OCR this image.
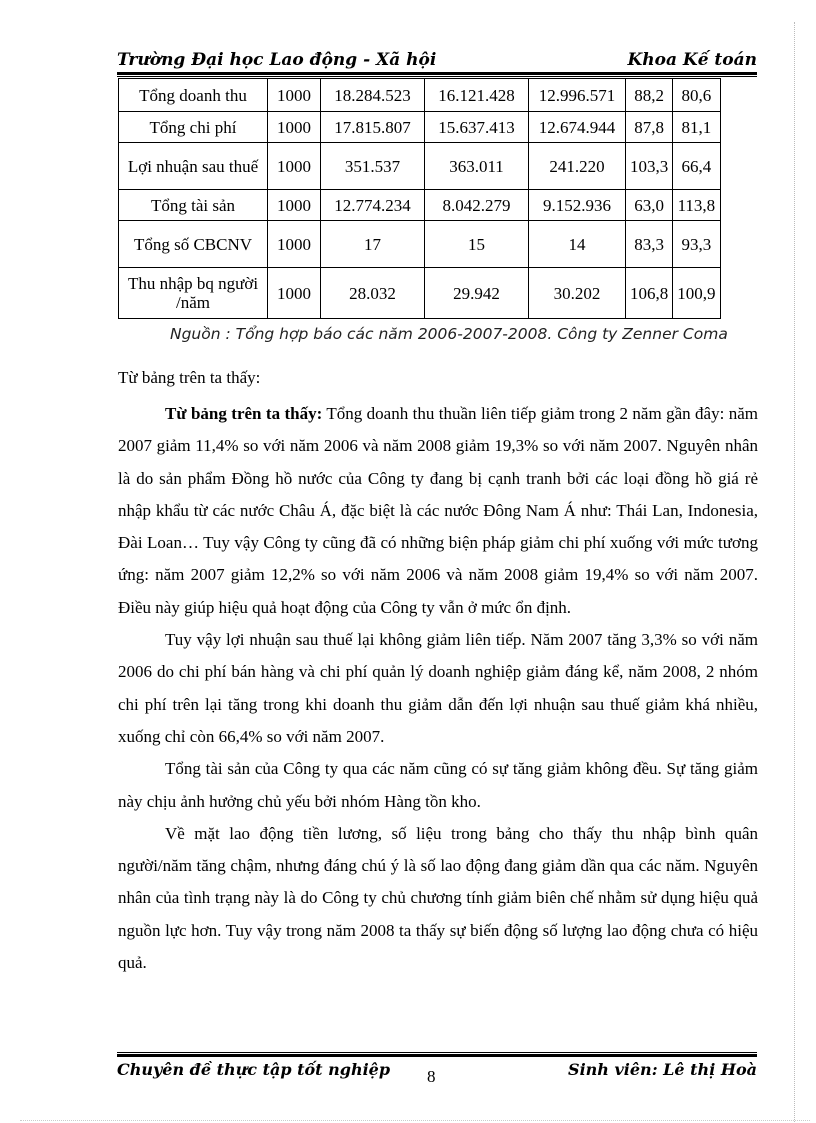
Trường Đại học Lao động - Xã hội	Khoa Kế toán
Tổng doanh thu	1000	18.284.523	16.121.428	12.996.571	88,2	80,6
Tổng chi phí	1000	17.815.807	15.637.413	12.674.944	87,8	81,1
Lợi nhuận sau thuế	1000	351.537	363.011	241.220	103,3	66,4
Tổng tài sản	1000	12.774.234	8.042.279	9.152.936	63,0	113,8
Tổng số CBCNV	1000	17	15	14	83,3	93,3
Thu nhập bq người /năm	1000	28.032	29.942	30.202	106,8	100,9
Nguồn : Tổng hợp báo các năm 2006-2007-2008. Công ty Zenner Coma
Từ bảng trên ta thấy:

Từ bảng trên ta thấy: Tổng doanh thu thuần liên tiếp giảm trong 2 năm gần đây: năm 2007 giảm 11,4% so với năm 2006 và năm 2008 giảm 19,3% so với năm 2007. Nguyên nhân là do sản phẩm Đồng hồ nước của Công ty đang bị cạnh tranh bởi các loại đồng hồ giá rẻ nhập khẩu từ các nước Châu Á, đặc biệt là các nước Đông Nam Á như: Thái Lan, Indonesia, Đài Loan… Tuy vậy Công ty cũng đã có những biện pháp giảm chi phí xuống với mức tương ứng: năm 2007 giảm 12,2% so với năm 2006 và năm 2008 giảm 19,4% so với năm 2007. Điều này giúp hiệu quả hoạt động của Công ty vẫn ở mức ổn định.

Tuy vậy lợi nhuận sau thuế lại không giảm liên tiếp. Năm 2007 tăng 3,3% so với năm 2006 do chi phí bán hàng và chi phí quản lý doanh nghiệp giảm đáng kể, năm 2008, 2 nhóm chi phí trên lại tăng trong khi doanh thu giảm dẫn đến lợi nhuận sau thuế giảm khá nhiều, xuống chỉ còn 66,4% so với năm 2007.

Tổng tài sản của Công ty qua các năm cũng có sự tăng giảm không đều. Sự tăng giảm này chịu ảnh hưởng chủ yếu bởi nhóm Hàng tồn kho.

Về mặt lao động tiền lương, số liệu trong bảng cho thấy thu nhập bình quân người/năm tăng chậm, nhưng đáng chú ý là số lao động đang giảm dần qua các năm. Nguyên nhân của tình trạng này là do Công ty chủ chương tính giảm biên chế nhằm sử dụng hiệu quả nguồn lực hơn. Tuy vậy trong năm 2008 ta thấy sự biến động số lượng lao động chưa có hiệu quả.

Chuyên đề thực tập tốt nghiệp	Sinh viên: Lê thị Hoà
8
